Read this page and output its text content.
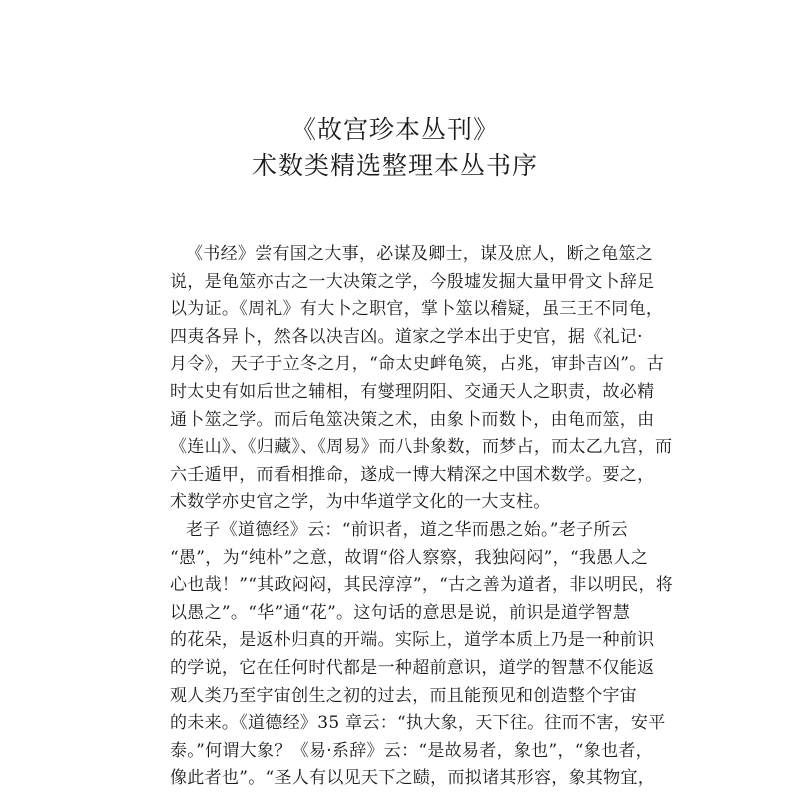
《故宫珍本丛刊》
术数类精选整理本丛书序
《书经》尝有国之大事，必谋及卿士，谋及庶人，断之龟筮之
说，是龟筮亦古之一大决策之学，今殷墟发掘大量甲骨文卜辞足
以为证。《周礼》有大卜之职官，掌卜筮以稽疑，虽三王不同龟，
四夷各异卜，然各以决吉凶。道家之学本出于史官，据《礼记·
月令》，天子于立冬之月，“命太史衅龟筴，占兆，审卦吉凶”。古
时太史有如后世之辅相，有燮理阴阳、交通天人之职责，故必精
通卜筮之学。而后龟筮决策之术，由象卜而数卜，由龟而筮，由
《连山》、《归藏》、《周易》而八卦象数，而梦占，而太乙九宫，而
六壬遁甲，而看相推命，遂成一博大精深之中国术数学。要之，
术数学亦史官之学，为中华道学文化的一大支柱。
老子《道德经》云：“前识者，道之华而愚之始。”老子所云
“愚”，为“纯朴”之意，故谓“俗人察察，我独闷闷”，“我愚人之
心也哉！”“其政闷闷，其民淳淳”，“古之善为道者，非以明民，将
以愚之”。“华”通“花”。这句话的意思是说，前识是道学智慧
的花朵，是返朴归真的开端。实际上，道学本质上乃是一种前识
的学说，它在任何时代都是一种超前意识，道学的智慧不仅能返
观人类乃至宇宙创生之初的过去，而且能预见和创造整个宇宙
的未来。《道德经》35 章云：“执大象，天下往。往而不害，安平
泰。”何谓大象？《易·系辞》云：“是故易者，象也”，“象也者，
像此者也”。“圣人有以见天下之赜，而拟诸其形容，象其物宜，
